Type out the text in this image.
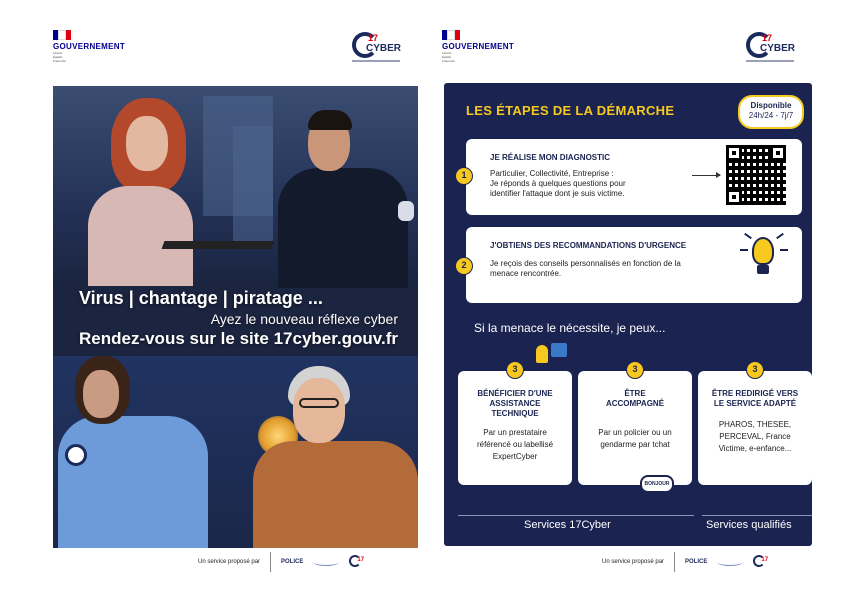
GOUVERNEMENT
Liberté
Égalité
Fraternité
17
CYBER
Virus | chantage | piratage ...
Ayez le nouveau réflexe cyber
Rendez-vous sur le site 17cyber.gouv.fr
Un service proposé par	POLICE	17
GOUVERNEMENT
Liberté
Égalité
Fraternité
17
CYBER
LES ÉTAPES DE LA DÉMARCHE	Disponible
24h/24 - 7j/7
1
JE RÉALISE MON DIAGNOSTIC
Particulier, Collectivité, Entreprise :
Je réponds à quelques questions pour
identifier l'attaque dont je suis victime.
2
J'OBTIENS DES RECOMMANDATIONS D'URGENCE
Je reçois des conseils personnalisés en fonction de la
menace rencontrée.
Si la menace le nécessite, je peux...
3
BÉNÉFICIER D'UNE
ASSISTANCE
TECHNIQUE
Par un prestataire
référencé ou labellisé
ExpertCyber
3
ÊTRE
ACCOMPAGNÉ
Par un policier ou un
gendarme par tchat
BONJOUR
3
ÊTRE REDIRIGÉ VERS
LE SERVICE ADAPTÉ
PHAROS, THESEE,
PERCEVAL, France
Victime, e-enfance...
Services 17Cyber	Services qualifiés
Un service proposé par	POLICE	17
